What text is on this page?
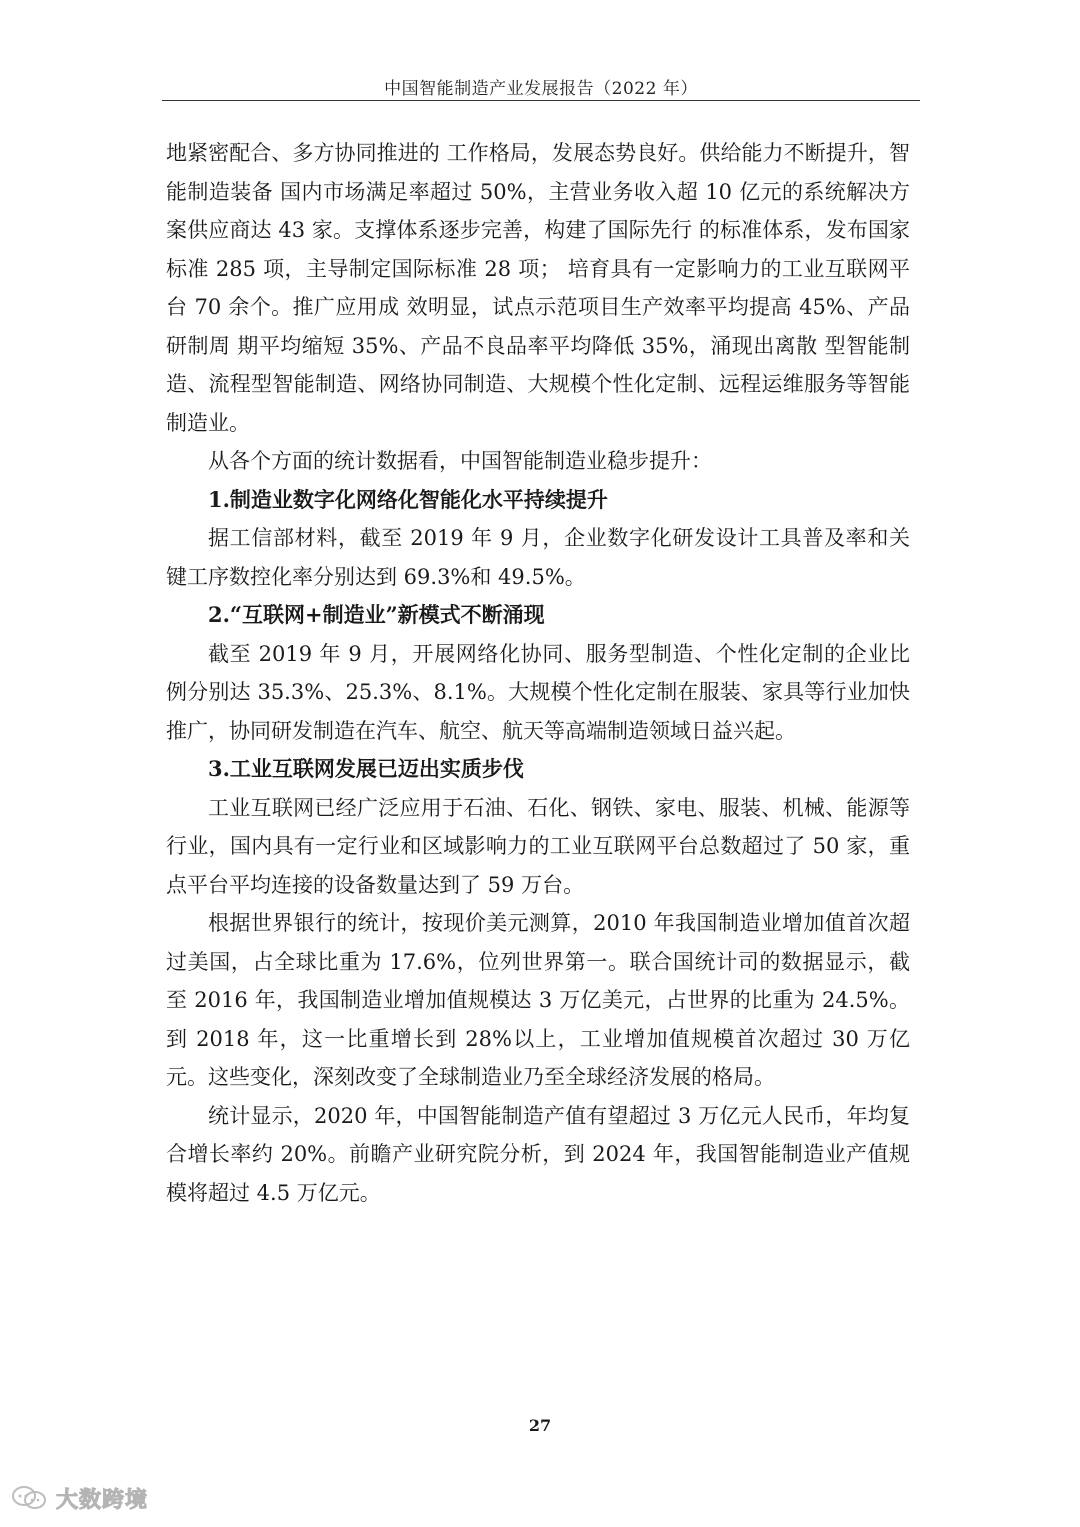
中国智能制造产业发展报告（2022 年）

地紧密配合、多方协同推进的 工作格局，发展态势良好。供给能力不断提升，智能制造装备 国内市场满足率超过 50%，主营业务收入超 10 亿元的系统解决方案供应商达 43 家。支撑体系逐步完善，构建了国际先行 的标准体系，发布国家标准 285 项，主导制定国际标准 28 项； 培育具有一定影响力的工业互联网平台 70 余个。推广应用成 效明显，试点示范项目生产效率平均提高 45%、产品研制周 期平均缩短 35%、产品不良品率平均降低 35%，涌现出离散 型智能制造、流程型智能制造、网络协同制造、大规模个性化定制、远程运维服务等智能制造业。

从各个方面的统计数据看，中国智能制造业稳步提升：

1.制造业数字化网络化智能化水平持续提升

据工信部材料，截至 2019 年 9 月，企业数字化研发设计工具普及率和关键工序数控化率分别达到 69.3%和 49.5%。

2.“互联网+制造业”新模式不断涌现

截至 2019 年 9 月，开展网络化协同、服务型制造、个性化定制的企业比例分别达 35.3%、25.3%、8.1%。大规模个性化定制在服装、家具等行业加快推广，协同研发制造在汽车、航空、航天等高端制造领域日益兴起。

3.工业互联网发展已迈出实质步伐

工业互联网已经广泛应用于石油、石化、钢铁、家电、服装、机械、能源等行业，国内具有一定行业和区域影响力的工业互联网平台总数超过了 50 家，重点平台平均连接的设备数量达到了 59 万台。

根据世界银行的统计，按现价美元测算，2010 年我国制造业增加值首次超过美国，占全球比重为 17.6%，位列世界第一。联合国统计司的数据显示，截至 2016 年，我国制造业增加值规模达 3 万亿美元，占世界的比重为 24.5%。到 2018 年，这一比重增长到 28%以上，工业增加值规模首次超过 30 万亿元。这些变化，深刻改变了全球制造业乃至全球经济发展的格局。

统计显示，2020 年，中国智能制造产值有望超过 3 万亿元人民币，年均复合增长率约 20%。前瞻产业研究院分析，到 2024 年，我国智能制造业产值规模将超过 4.5 万亿元。

27
大数跨境
